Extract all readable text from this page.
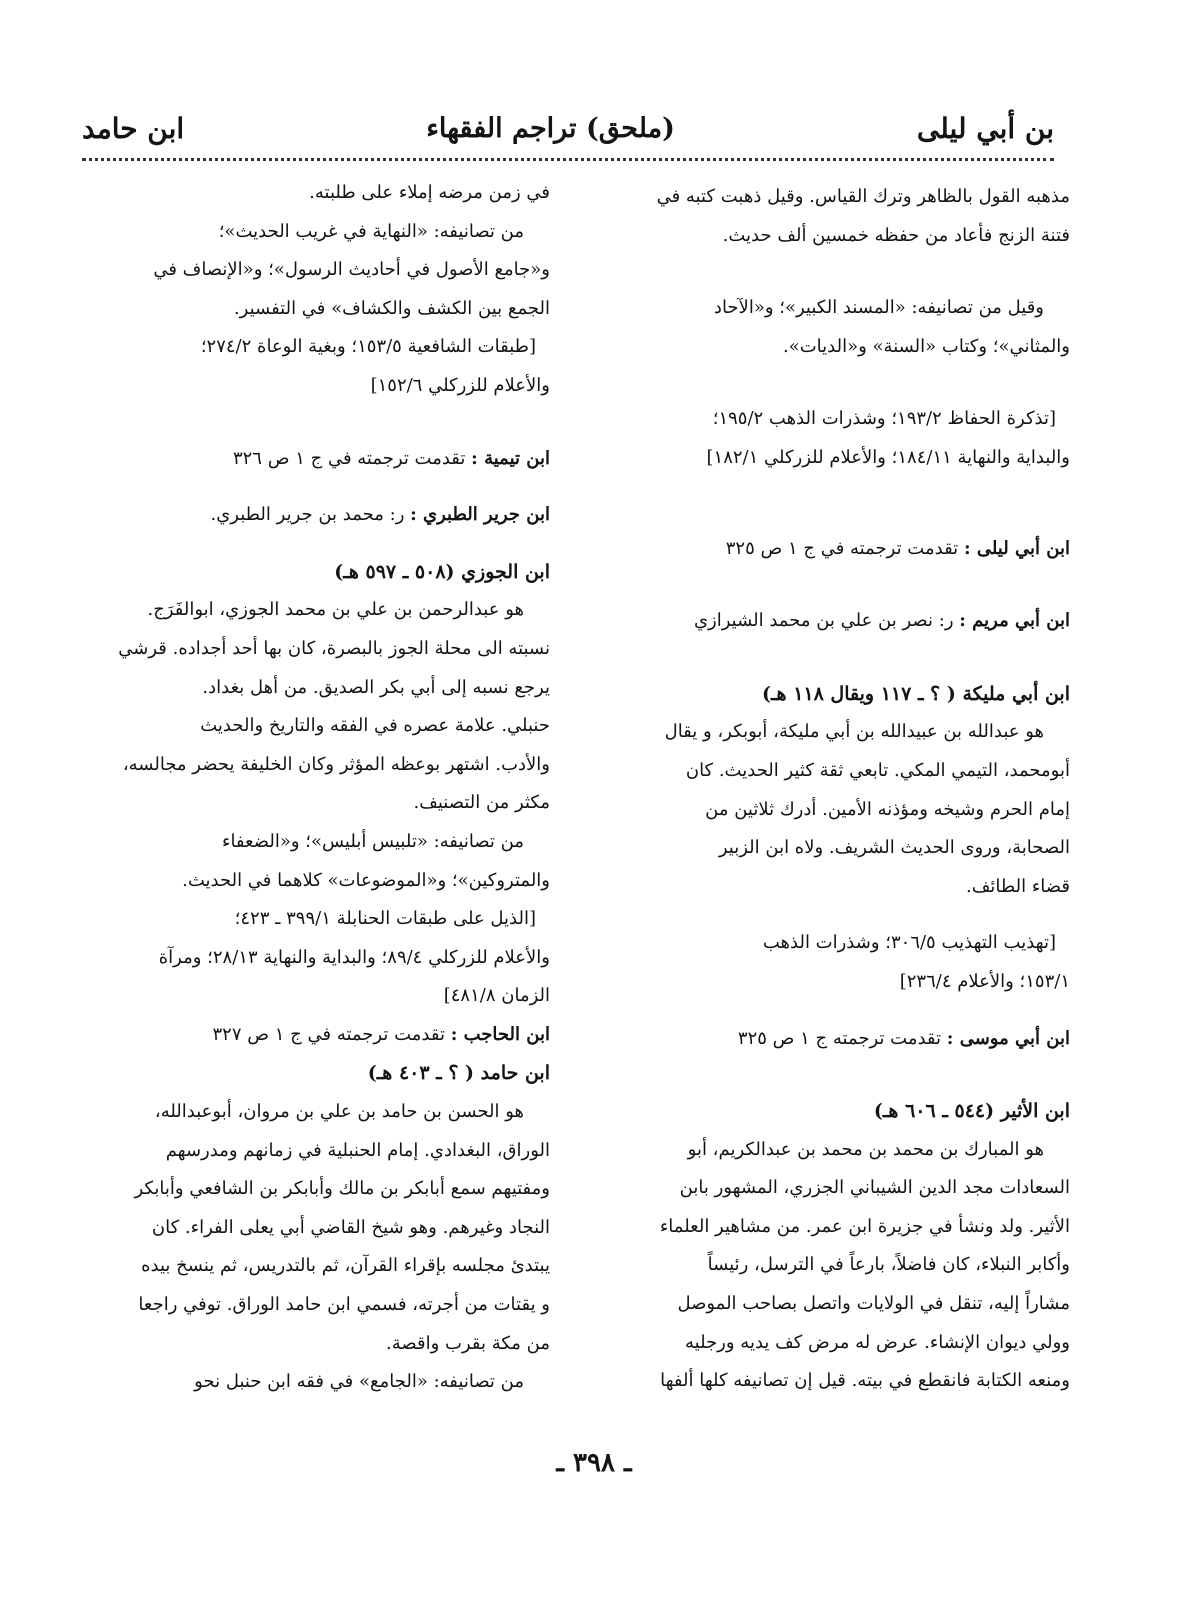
بن أبي ليلى
(ملحق) تراجم الفقهاء
ابن حامد

مذهبه القول بالظاهر وترك القياس. وقيل ذهبت كتبه في

فتنة الزنج فأعاد من حفظه خمسين ألف حديث.

وقيل من تصانيفه: «المسند الكبير»؛ و«الآحاد

والمثاني»؛ وكتاب «السنة» و«الديات».

[تذكرة الحفاظ ١٩٣/٢؛ وشذرات الذهب ١٩٥/٢؛

والبداية والنهاية ١٨٤/١١؛ والأعلام للزركلي ١٨٢/١]

ابن أبي ليلى : تقدمت ترجمته في ج ١ ص ٣٢٥

ابن أبي مريم : ر: نصر بن علي بن محمد الشيرازي

ابن أبي مليكة ( ؟ ـ ١١٧ ويقال ١١٨ هـ)

هو عبدالله بن عبيدالله بن أبي مليكة، أبوبكر، و يقال

أبومحمد، التيمي المكي. تابعي ثقة كثير الحديث. كان

إمام الحرم وشيخه ومؤذنه الأمين. أدرك ثلاثين من

الصحابة، وروى الحديث الشريف. ولاه ابن الزبير

قضاء الطائف.

[تهذيب التهذيب ٣٠٦/٥؛ وشذرات الذهب

١٥٣/١؛ والأعلام ٢٣٦/٤]

ابن أبي موسى : تقدمت ترجمته ج ١ ص ٣٢٥

ابن الأثير (٥٤٤ ـ ٦٠٦ هـ)

هو المبارك بن محمد بن محمد بن عبدالكريم، أبو

السعادات مجد الدين الشيباني الجزري، المشهور بابن

الأثير. ولد ونشأ في جزيرة ابن عمر. من مشاهير العلماء

وأكابر النبلاء، كان فاضلاً، بارعاً في الترسل، رئيساً

مشاراً إليه، تنقل في الولايات واتصل بصاحب الموصل

وولي ديوان الإنشاء. عرض له مرض كف يديه ورجليه

ومنعه الكتابة فانقطع في بيته. قيل إن تصانيفه كلها ألفها

في زمن مرضه إملاء على طلبته.

من تصانيفه: «النهاية في غريب الحديث»؛

و«جامع الأصول في أحاديث الرسول»؛ و«الإنصاف في

الجمع بين الكشف والكشاف» في التفسير.

[طبقات الشافعية ١٥٣/٥؛ وبغية الوعاة ٢٧٤/٢؛

والأعلام للزركلي ١٥٢/٦]

ابن تيمية : تقدمت ترجمته في ج ١ ص ٣٢٦

ابن جرير الطبري : ر: محمد بن جرير الطبري.

ابن الجوزي (٥٠٨ ـ ٥٩٧ هـ)

هو عبدالرحمن بن علي بن محمد الجوزي، ابوالفَرَج.

نسبته الى محلة الجوز بالبصرة، كان بها أحد أجداده. قرشي

يرجع نسبه إلى أبي بكر الصديق. من أهل بغداد.

حنبلي. علامة عصره في الفقه والتاريخ والحديث

والأدب. اشتهر بوعظه المؤثر وكان الخليفة يحضر مجالسه،

مكثر من التصنيف.

من تصانيفه: «تلبيس أبليس»؛ و«الضعفاء

والمتروكين»؛ و«الموضوعات» كلاهما في الحديث.

[الذيل على طبقات الحنابلة ٣٩٩/١ ـ ٤٢٣؛

والأعلام للزركلي ٨٩/٤؛ والبداية والنهاية ٢٨/١٣؛ ومرآة

الزمان ٤٨١/٨]

ابن الحاجب : تقدمت ترجمته في ج ١ ص ٣٢٧

ابن حامد ( ؟ ـ ٤٠٣ هـ)

هو الحسن بن حامد بن علي بن مروان، أبوعبدالله،

الوراق، البغدادي. إمام الحنبلية في زمانهم ومدرسهم

ومفتيهم سمع أبابكر بن مالك وأبابكر بن الشافعي وأبابكر

النجاد وغيرهم. وهو شيخ القاضي أبي يعلى الفراء. كان

يبتدئ مجلسه بإقراء القرآن، ثم بالتدريس، ثم ينسخ بيده

و يقتات من أجرته، فسمي ابن حامد الوراق. توفي راجعا

من مكة بقرب واقصة.

من تصانيفه: «الجامع» في فقه ابن حنبل نحو

ـ ٣٩٨ ـ
